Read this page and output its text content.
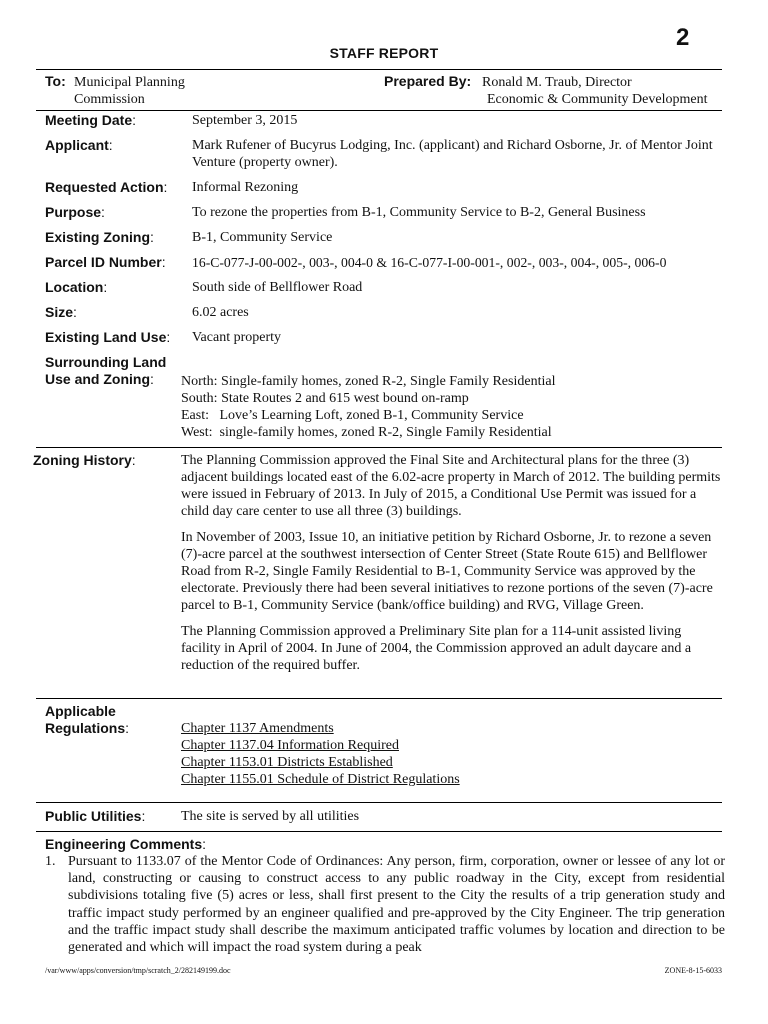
2
STAFF REPORT
To: Municipal Planning
Commission
Prepared By: Ronald M. Traub, Director
Economic & Community Development
Meeting Date:	September 3, 2015
Applicant:	Mark Rufener of Bucyrus Lodging, Inc. (applicant) and Richard Osborne, Jr. of Mentor Joint Venture (property owner).
Requested Action: Informal Rezoning
Purpose:	To rezone the properties from B-1, Community Service to B-2, General Business
Existing Zoning:	B-1, Community Service
Parcel ID Number: 16-C-077-J-00-002-, 003-, 004-0 & 16-C-077-I-00-001-, 002-, 003-, 004-, 005-, 006-0
Location:	South side of Bellflower Road
Size:	6.02 acres
Existing Land Use: Vacant property
Surrounding Land
Use and Zoning: North: Single-family homes, zoned R-2, Single Family Residential
South: State Routes 2 and 615 west bound on-ramp
East:   Love’s Learning Loft, zoned B-1, Community Service
West:  single-family homes, zoned R-2, Single Family Residential
Zoning History:	The Planning Commission approved the Final Site and Architectural plans for the three (3) adjacent buildings located east of the 6.02-acre property in March of 2012. The building permits were issued in February of 2013. In July of 2015, a Conditional Use Permit was issued for a child day care center to use all three (3) buildings.

In November of 2003, Issue 10, an initiative petition by Richard Osborne, Jr. to rezone a seven (7)-acre parcel at the southwest intersection of Center Street (State Route 615) and Bellflower Road from R-2, Single Family Residential to B-1, Community Service was approved by the electorate. Previously there had been several initiatives to rezone portions of the seven (7)-acre parcel to B-1, Community Service (bank/office building) and RVG, Village Green.

The Planning Commission approved a Preliminary Site plan for a 114-unit assisted living facility in April of 2004. In June of 2004, the Commission approved an adult daycare and a reduction of the required buffer.

Applicable
Regulations:	Chapter 1137 Amendments
Chapter 1137.04 Information Required
Chapter 1153.01 Districts Established
Chapter 1155.01 Schedule of District Regulations
Public Utilities:	The site is served by all utilities
Engineering Comments:
1. Pursuant to 1133.07 of the Mentor Code of Ordinances: Any person, firm, corporation, owner or lessee of any lot or land, constructing or causing to construct access to any public roadway in the City, except from residential subdivisions totaling five (5) acres or less, shall first present to the City the results of a trip generation study and traffic impact study performed by an engineer qualified and pre-approved by the City Engineer. The trip generation and the traffic impact study shall describe the maximum anticipated traffic volumes by location and direction to be generated and which will impact the road system during a peak
/var/www/apps/conversion/tmp/scratch_2/282149199.doc	ZONE-8-15-6033
